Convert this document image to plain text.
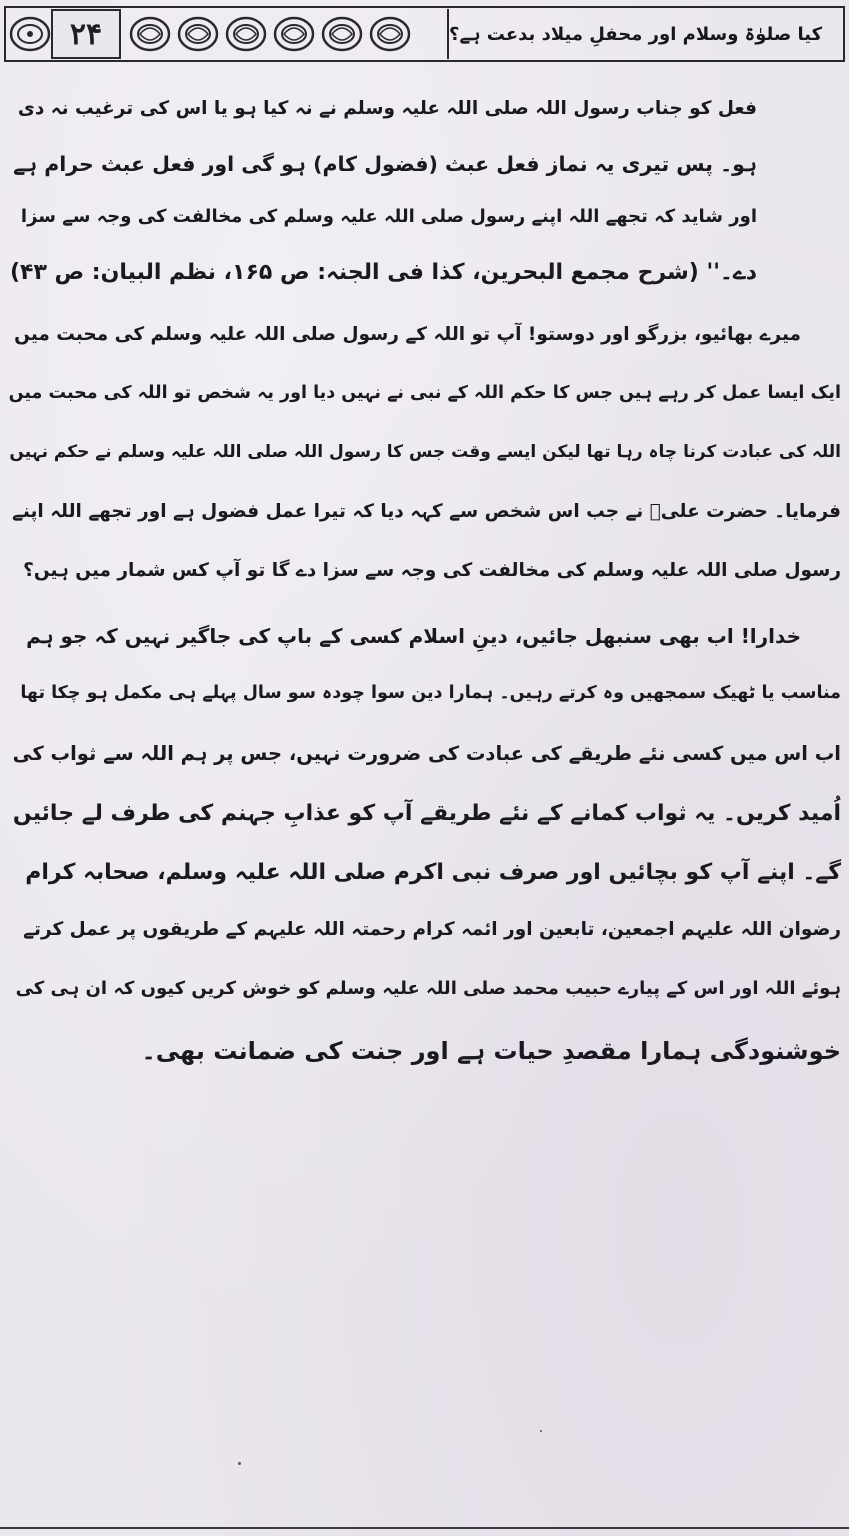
۲۴	کیا صلوٰۃ وسلام اور محفلِ میلاد بدعت ہے؟
فعل کو جناب رسول اللہ صلی اللہ علیہ وسلم نے نہ کیا ہو یا اس کی ترغیب نہ دی
ہو۔ پس تیری یہ نماز فعل عبث (فضول کام) ہو گی اور فعل عبث حرام ہے
اور شاید کہ تجھے اللہ اپنے رسول صلی اللہ علیہ وسلم کی مخالفت کی وجہ سے سزا
دے۔'' (شرح مجمع البحرین، کذا فی الجنہ: ص ۱۶۵، نظم البیان: ص ۴۳)
میرے بھائیو، بزرگو اور دوستو! آپ تو اللہ کے رسول صلی اللہ علیہ وسلم کی محبت میں
ایک ایسا عمل کر رہے ہیں جس کا حکم اللہ کے نبی نے نہیں دیا اور یہ شخص تو اللہ کی محبت میں
اللہ کی عبادت کرنا چاہ رہا تھا لیکن ایسے وقت جس کا رسول اللہ صلی اللہ علیہ وسلم نے حکم نہیں
فرمایا۔ حضرت علیؓ نے جب اس شخص سے کہہ دیا کہ تیرا عمل فضول ہے اور تجھے اللہ اپنے
رسول صلی اللہ علیہ وسلم کی مخالفت کی وجہ سے سزا دے گا تو آپ کس شمار میں ہیں؟
خدارا! اب بھی سنبھل جائیں، دینِ اسلام کسی کے باپ کی جاگیر نہیں کہ جو ہم
مناسب یا ٹھیک سمجھیں وہ کرتے رہیں۔ ہمارا دین سوا چودہ سو سال پہلے ہی مکمل ہو چکا تھا
اب اس میں کسی نئے طریقے کی عبادت کی ضرورت نہیں، جس پر ہم اللہ سے ثواب کی
اُمید کریں۔ یہ ثواب کمانے کے نئے طریقے آپ کو عذابِ جہنم کی طرف لے جائیں
گے۔ اپنے آپ کو بچائیں اور صرف نبی اکرم صلی اللہ علیہ وسلم، صحابہ کرام
رضوان اللہ علیہم اجمعین، تابعین اور ائمہ کرام رحمتہ اللہ علیہم کے طریقوں پر عمل کرتے
ہوئے اللہ اور اس کے پیارے حبیب محمد صلی اللہ علیہ وسلم کو خوش کریں کیوں کہ ان ہی کی
خوشنودگی ہمارا مقصدِ حیات ہے اور جنت کی ضمانت بھی۔
